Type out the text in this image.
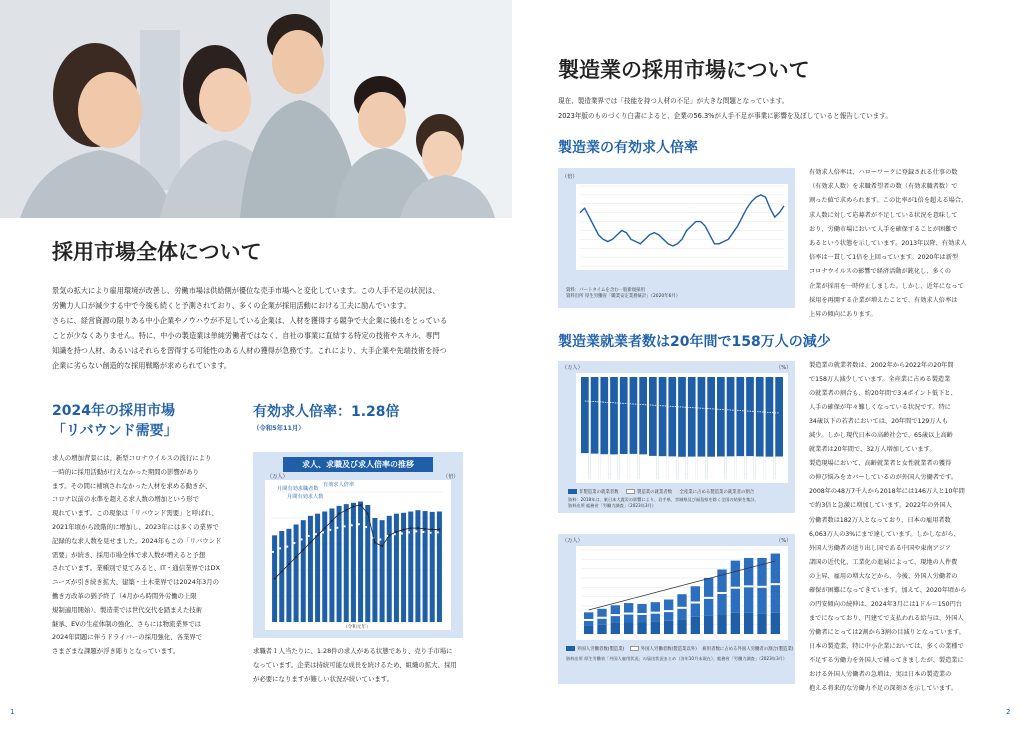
採用市場全体について
景気の拡大により雇用環境が改善し、労働市場は供給側が優位な売手市場へと変化しています。この人手不足の状況は、
労働力人口が減少する中で今後も続くと予測されており、多くの企業が採用活動における工夫に励んでいます。
さらに、経営資源の限りある中小企業やノウハウが不足している企業は、人材を獲得する競争で大企業に後れをとっている
ことが少なくありません。特に、中小の製造業は単純労働者ではなく、自社の事業に直結する特定の技術やスキル、専門
知識を持つ人材、あるいはそれらを習得する可能性のある人材の獲得が急務です。これにより、大手企業や先端技術を持つ
企業に劣らない創造的な採用戦略が求められています。
2024年の採用市場
「リバウンド需要」
求人の増加背景には、新型コロナウイルスの流行により
一時的に採用活動が行えなかった期間の影響があり
ます。その間に補填されなかった人材を求める動きが、
コロナ以前の水準を超える求人数の増加という形で
現れています。この現象は「リバウンド需要」と呼ばれ、
2021年頃から段階的に増加し、2023年には多くの業界で
記録的な求人数を見せました。2024年もこの「リバウンド
需要」が続き、採用市場全体で求人数が増えると予想
されています。業種別で見てみると、IT・通信業界ではDX
ニーズが引き続き拡大、建築・土木業界では2024年3月の
働き方改革の猶予終了（4月から時間外労働の上限
規制適用開始）、製造業では世代交代を踏まえた技術
継承、EVの生産体制の強化、さらには物流業界では
2024年問題に伴うドライバーの採用強化、各業界で
さまざまな課題が浮き彫りとなっています。
有効求人倍率：1.28倍
（令和5年11月）
求人、求職及び求人倍率の推移
（万人）	（倍）
月間有効求職者数
月間有効求人数
有効求人倍率
（令和元年）
求職者１人当たりに、1.28件の求人がある状態であり、売り手市場に
なっています。企業は持続可能な成長を続けるため、組織の拡大、採用
が必要になりますが難しい状況が続いています。
1
製造業の採用市場について
現在、製造業界では「技能を持つ人材の不足」が大きな問題となっています。
2023年版のものづくり白書によると、企業の56.3%が人手不足が事業に影響を及ぼしていると報告しています。
製造業の有効求人倍率
（倍）
資料：パートタイムを含む一般新規採用
資料出所 厚生労働省「職業安定業務統計」（2020年6月）
有効求人倍率は、ハローワークに登録される仕事の数
（有効求人数）を求職希望者の数（有効求職者数）で
割った値で求められます。この比率が1倍を超える場合、
求人数に対して応募者が不足している状況を意味して
おり、労働市場において人手を確保することが困難で
あるという状態を示しています。2013年以降、有効求人
倍率は一貫して1倍を上回っています。2020年は新型
コロナウイルスの影響で経済活動が鈍化し、多くの
企業が採用を一時停止しました。しかし、近年になって
採用を再開する企業が増えたことで、有効求人倍率は
上昇の傾向にあります。
製造業就業者数は20年間で158万人の減少
（万人）	（%）
非製造業の就業者数	製造業の就業者数 全産業に占める製造業の就業者の割合
資料：2018年は、東日本大震災の影響により、岩手県、宮城県及び福島県を除く全国の結果を集計。
資料出所 総務省「労働力調査」（2023年3月）
製造業の就業者数は、2002年から2022年の20年間
で158万人減少しています。全産業に占める製造業
の就業者の割合も、約20年間で3.4ポイント低下と、
人手の確保が年々難しくなっている状況です。特に
34歳以下の若者においては、20年間で129万人も
減少。しかし現代日本の高齢社会で、65歳以上高齢
就業者は20年間で、32万人増加しています。
製造現場において、高齢就業者と女性就業者の獲得
の伸び悩みをカバーしているのが外国人労働者です。
2008年の48万7千人から2018年には146万人と10年間
で約3倍と急激に増加しています。2022年の外国人
労働者数は182万人となっており、日本の雇用者数
6,063万人の3%にまで達しています。しかしながら、
外国人労働者の送り出し国である中国や東南アジア
諸国の近代化、工業化の進展によって、現地の人件費
の上昇、雇用の増大などから、今後、外国人労働者の
確保が困難になってきています。加えて、2020年頃から
の円安傾向の続伸は、2024年3月には1ドル＝150円台
までになっており、円建てで支払われる給与は、外国人
労働者にとっては2割から3割の目減りとなっています。
日本の製造業、特に中小企業においては、多くの業種で
不足する労働力を外国人で補ってきましたが、製造業に
おける外国人労働者の急増は、実は日本の製造業の
抱える将来的な労働力不足の深刻さを示しています。
（万人）	（%）
外国人労働者数(製造業)	外国人労働者数(製造業以外) 雇用者数に占める外国人労働者の割合(製造業)
資料出所 厚生労働省「外国人雇用状況」の届出状況まとめ（各年10月末現在）、総務省「労働力調査」（2023年3月）
2
